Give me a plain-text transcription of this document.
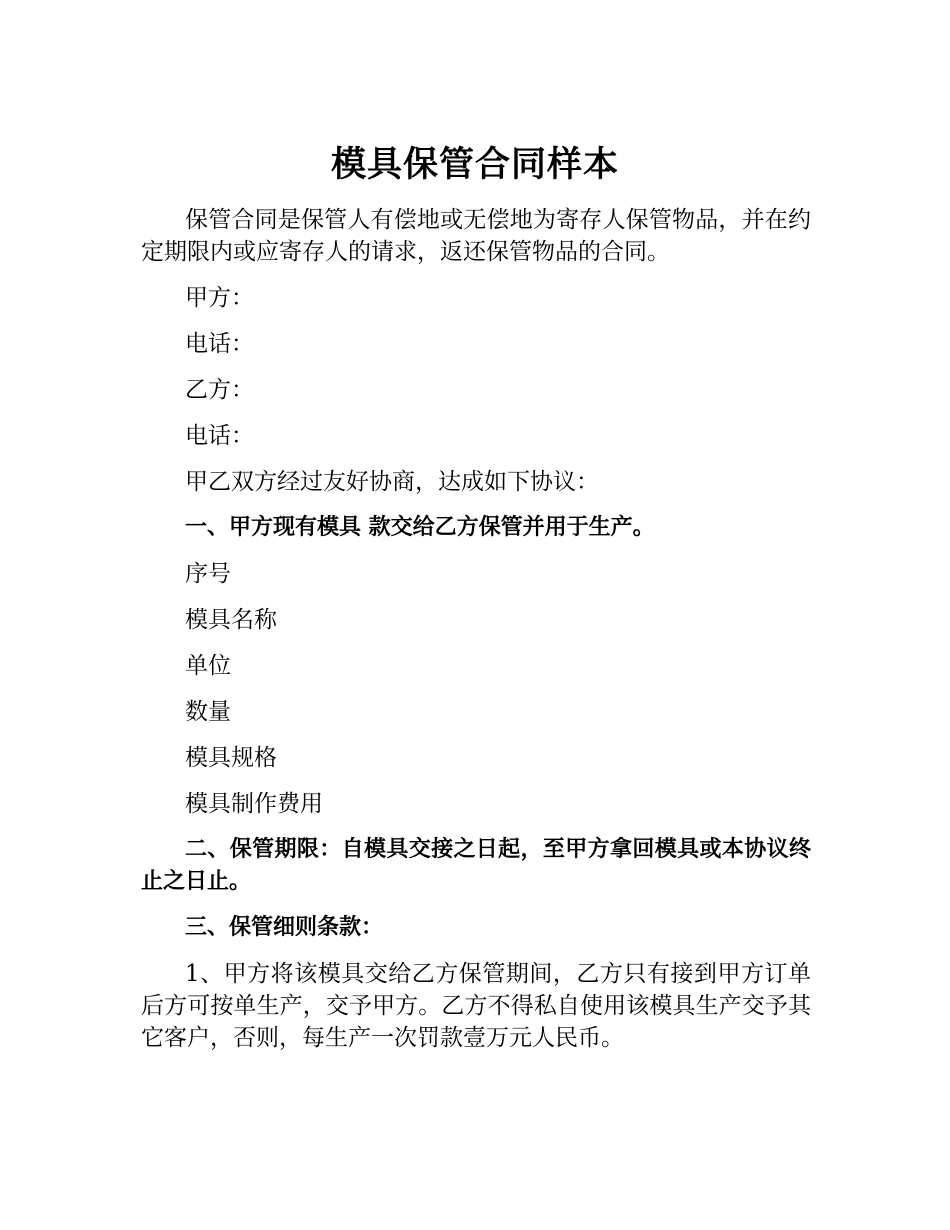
模具保管合同样本

保管合同是保管人有偿地或无偿地为寄存人保管物品，并在约定期限内或应寄存人的请求，返还保管物品的合同。

甲方：

电话：

乙方：

电话：

甲乙双方经过友好协商，达成如下协议：

一、甲方现有模具 款交给乙方保管并用于生产。

序号

模具名称

单位

数量

模具规格

模具制作费用

二、保管期限：自模具交接之日起，至甲方拿回模具或本协议终止之日止。

三、保管细则条款：

1、甲方将该模具交给乙方保管期间，乙方只有接到甲方订单后方可按单生产，交予甲方。乙方不得私自使用该模具生产交予其它客户，否则，每生产一次罚款壹万元人民币。
